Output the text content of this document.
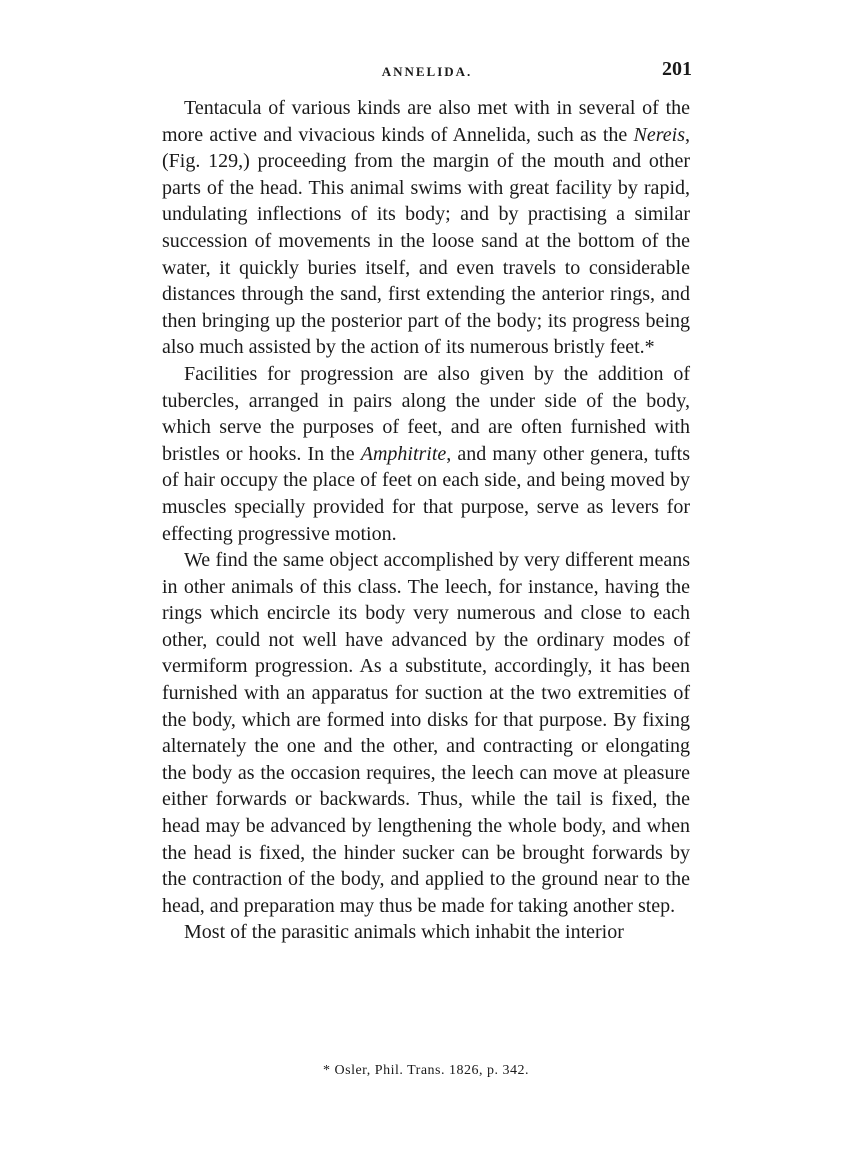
ANNELIDA.	201

Tentacula of various kinds are also met with in several of the more active and vivacious kinds of Annelida, such as the Nereis, (Fig. 129,) proceeding from the margin of the mouth and other parts of the head. This animal swims with great facility by rapid, undulating inflections of its body; and by practising a similar succession of movements in the loose sand at the bottom of the water, it quickly buries itself, and even travels to considerable distances through the sand, first extending the anterior rings, and then bringing up the posterior part of the body; its progress being also much assisted by the action of its numerous bristly feet.*

Facilities for progression are also given by the addition of tubercles, arranged in pairs along the under side of the body, which serve the purposes of feet, and are often furnished with bristles or hooks. In the Amphitrite, and many other genera, tufts of hair occupy the place of feet on each side, and being moved by muscles specially provided for that purpose, serve as levers for effecting progressive motion.

We find the same object accomplished by very different means in other animals of this class. The leech, for instance, having the rings which encircle its body very numerous and close to each other, could not well have advanced by the ordinary modes of vermiform progression. As a substitute, accordingly, it has been furnished with an apparatus for suction at the two extremities of the body, which are formed into disks for that purpose. By fixing alternately the one and the other, and contracting or elongating the body as the occasion requires, the leech can move at pleasure either forwards or backwards. Thus, while the tail is fixed, the head may be advanced by lengthening the whole body, and when the head is fixed, the hinder sucker can be brought forwards by the contraction of the body, and applied to the ground near to the head, and preparation may thus be made for taking another step.

Most of the parasitic animals which inhabit the interior

* Osler, Phil. Trans. 1826, p. 342.
